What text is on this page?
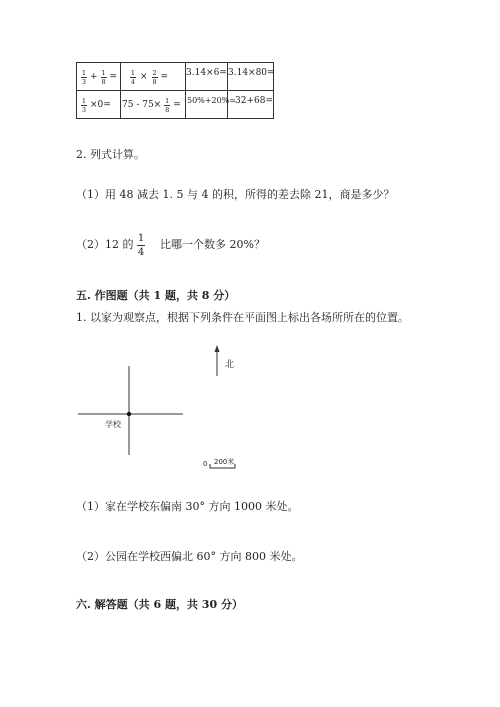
$\frac{1}{3} + \frac{1}{8} = \frac{1}{4} \times \frac{2}{8} = 3.14\times 6= 3.14\times 80=$
$\frac{1}{3} \times 0= 75 - 75\times \frac{1}{8} = 50\%+20\%= 32+68=$
2. 列式计算。
（1）用 48 减去 1. 5 与 4 的积，所得的差去除 21，商是多少？
（2）12 的 $\frac{1}{4}$ 比哪一个数多 20%？
五. 作图题（共 1 题，共 8 分）
1. 以家为观察点，根据下列条件在平面图上标出各场所所在的位置。
北
学校
0 200米
（1）家在学校东偏南 30° 方向 1000 米处。
（2）公园在学校西偏北 60° 方向 800 米处。
六. 解答题（共 6 题，共 30 分）
